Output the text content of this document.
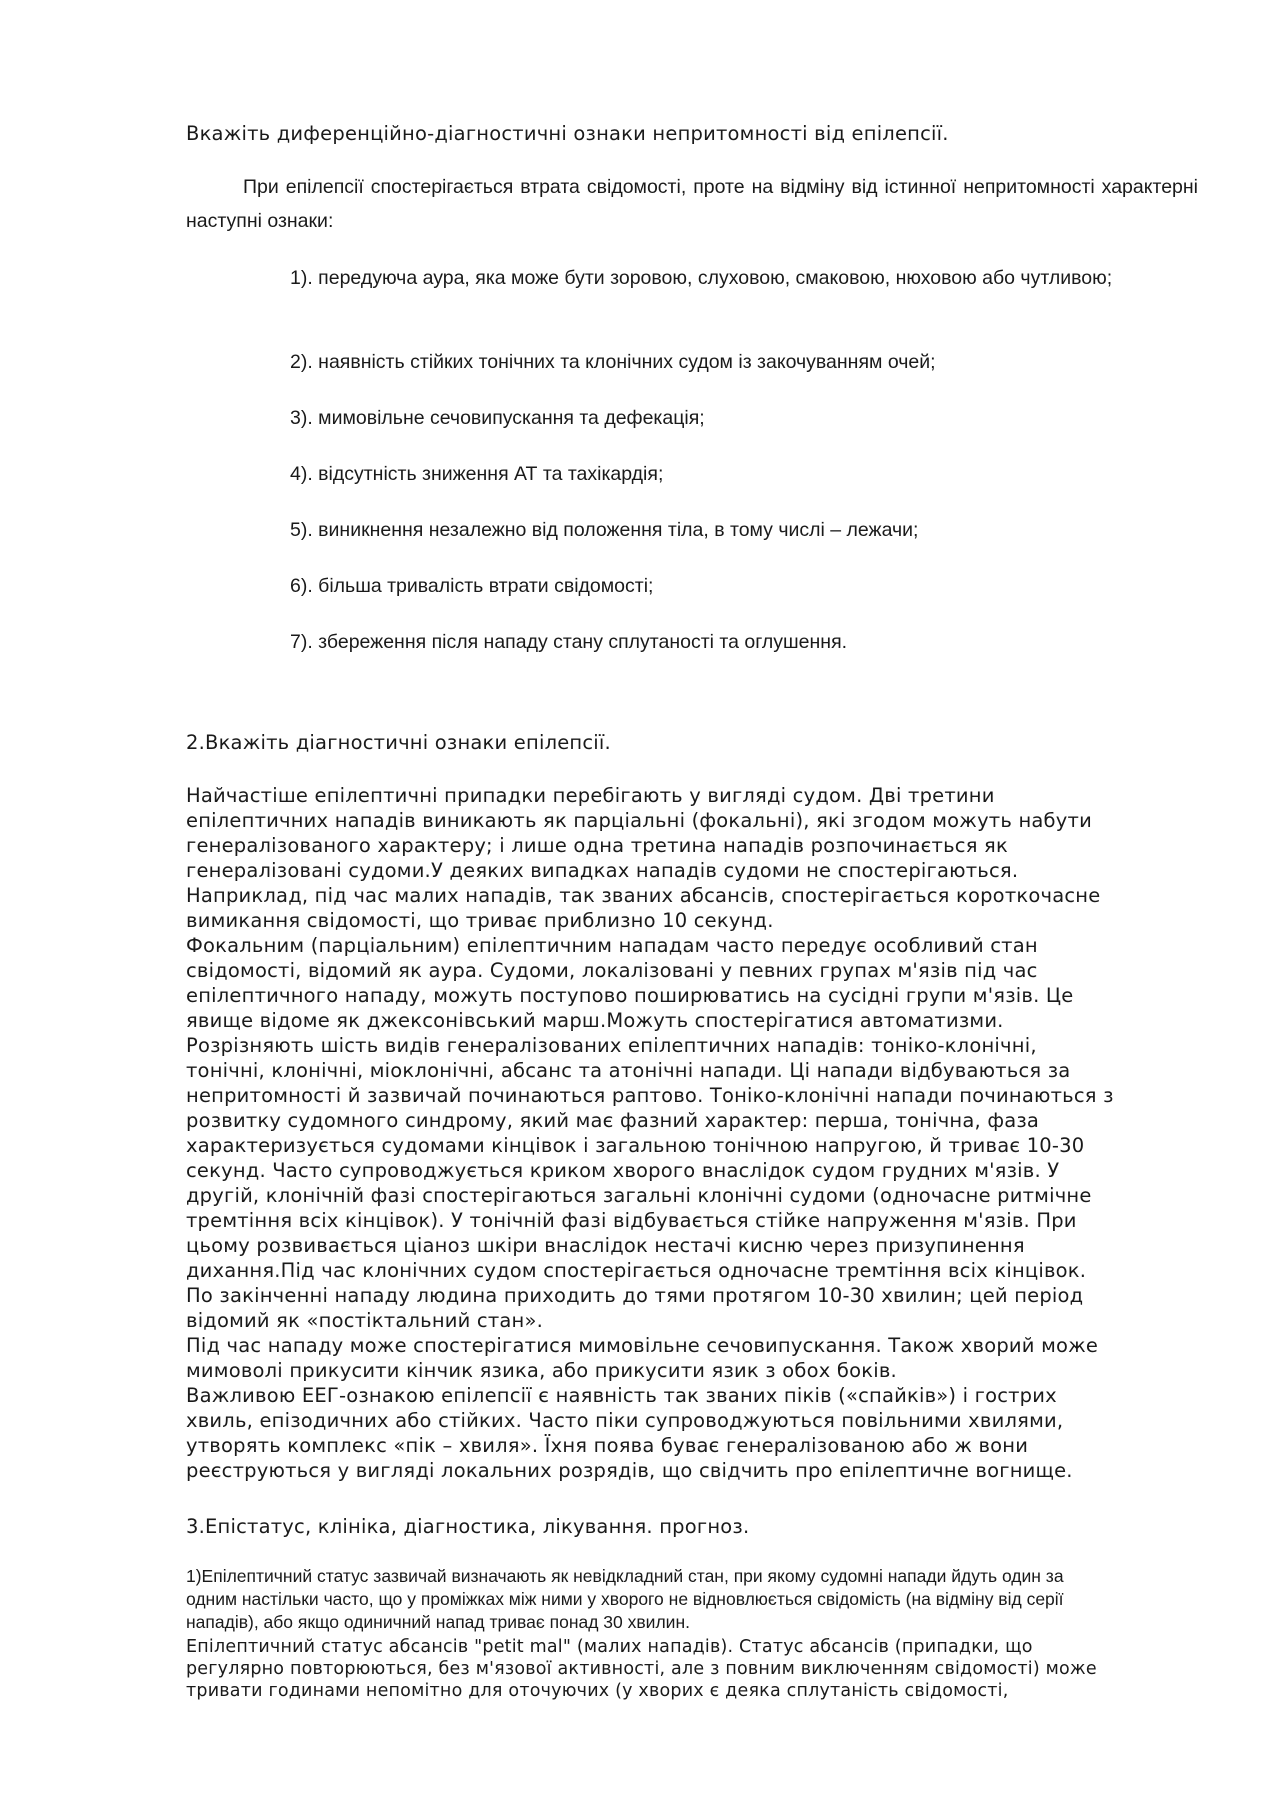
Вкажіть диференційно-діагностичні ознаки непритомності від епілепсії.

При епілепсії спостерігається втрата свідомості, проте на відміну від істинної непритомності характерні наступні ознаки:

1). передуюча аура, яка може бути зоровою, слуховою, смаковою, нюховою або чутливою;

2). наявність стійких тонічних та клонічних судом із закочуванням очей;

3). мимовільне сечовипускання та дефекація;

4). відсутність зниження АТ та тахікардія;

5). виникнення незалежно від положення тіла, в тому числі – лежачи;

6). більша тривалість втрати свідомості;

7). збереження після нападу стану сплутаності та оглушення.

2.Вкажіть діагностичні ознаки епілепсії.

Найчастіше епілептичні припадки перебігають у вигляді судом. Дві третини
епілептичних нападів виникають як парціальні (фокальні), які згодом можуть набути
генералізованого характеру; і лише одна третина нападів розпочинається як
генералізовані судоми.У деяких випадках нападів судоми не спостерігаються.
Наприклад, під час малих нападів, так званих абсансів, спостерігається короткочасне
вимикання свідомості, що триває приблизно 10 секунд.
Фокальним (парціальним) епілептичним нападам часто передує особливий стан
свідомості, відомий як аура. Судоми, локалізовані у певних групах м'язів під час
епілептичного нападу, можуть поступово поширюватись на сусідні групи м'язів. Це
явище відоме як джексонівський марш.Можуть спостерігатися автоматизми.
Розрізняють шість видів генералізованих епілептичних нападів: тоніко-клонічні,
тонічні, клонічні, міоклонічні, абсанс та атонічні напади. Ці напади відбуваються за
непритомності й зазвичай починаються раптово. Тоніко-клонічні напади починаються з
розвитку судомного синдрому, який має фазний характер: перша, тонічна, фаза
характеризується судомами кінцівок і загальною тонічною напругою, й триває 10-30
секунд. Часто супроводжується криком хворого внаслідок судом грудних м'язів. У
другій, клонічній фазі спостерігаються загальні клонічні судоми (одночасне ритмічне
тремтіння всіх кінцівок). У тонічній фазі відбувається стійке напруження м'язів. При
цьому розвивається ціаноз шкіри внаслідок нестачі кисню через призупинення
дихання.Під час клонічних судом спостерігається одночасне тремтіння всіх кінцівок.
По закінченні нападу людина приходить до тями протягом 10-30 хвилин; цей період
відомий як «постіктальний стан».
Під час нападу може спостерігатися мимовільне сечовипускання. Також хворий може
мимоволі прикусити кінчик язика, або прикусити язик з обох боків.
Важливою ЕЕГ-ознакою епілепсії є наявність так званих піків («спайків») і гострих
хвиль, епізодичних або стійких. Часто піки супроводжуються повільними хвилями,
утворять комплекс «пік – хвиля». Їхня поява буває генералізованою або ж вони
реєструються у вигляді локальних розрядів, що свідчить про епілептичне вогнище.

3.Епістатус, клініка, діагностика, лікування. прогноз.

1)Епілептичний статус зазвичай визначають як невідкладний стан, при якому судомні напади йдуть один за
одним настільки часто, що у проміжках між ними у хворого не відновлюється свідомість (на відміну від серії
нападів), або якщо одиничний напад триває понад 30 хвилин.
Епілептичний статус абсансів "petit mal" (малих нападів). Статус абсансів (припадки, що
регулярно повторюються, без м'язової активності, але з повним виключенням свідомості) може
тривати годинами непомітно для оточуючих (у хворих є деяка сплутаність свідомості,
